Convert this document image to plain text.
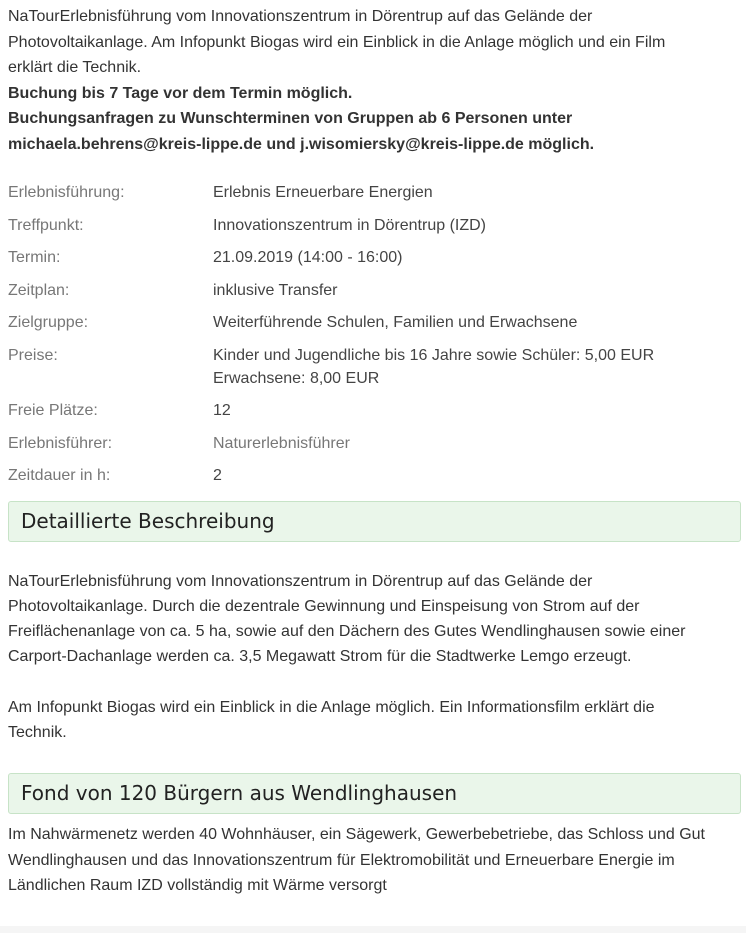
NaTourErlebnisführung vom Innovationszentrum in Dörentrup auf das Gelände der

Photovoltaikanlage. Am Infopunkt Biogas wird ein Einblick in die Anlage möglich und ein Film

erklärt die Technik.

Buchung bis 7 Tage vor dem Termin möglich.

Buchungsanfragen zu Wunschterminen von Gruppen ab 6 Personen unter

michaela.behrens@kreis-lippe.de und j.wisomiersky@kreis-lippe.de möglich.

Erlebnisführung:	Erlebnis Erneuerbare Energien
Treffpunkt:	Innovationszentrum in Dörentrup (IZD)
Termin:	21.09.2019 (14:00 - 16:00)
Zeitplan:	inklusive Transfer
Zielgruppe:	Weiterführende Schulen, Familien und Erwachsene
Preise:	Kinder und Jugendliche bis 16 Jahre sowie Schüler: 5,00 EUR
Erwachsene: 8,00 EUR

Freie Plätze:	12
Erlebnisführer:	Naturerlebnisführer
Zeitdauer in h:	2
Detaillierte Beschreibung

NaTourErlebnisführung vom Innovationszentrum in Dörentrup auf das Gelände der

Photovoltaikanlage. Durch die dezentrale Gewinnung und Einspeisung von Strom auf der

Freiflächenanlage von ca. 5 ha, sowie auf den Dächern des Gutes Wendlinghausen sowie einer

Carport-Dachanlage werden ca. 3,5 Megawatt Strom für die Stadtwerke Lemgo erzeugt.

Am Infopunkt Biogas wird ein Einblick in die Anlage möglich. Ein Informationsfilm erklärt die

Technik.

Fond von 120 Bürgern aus Wendlinghausen

Im Nahwärmenetz werden 40 Wohnhäuser, ein Sägewerk, Gewerbebetriebe, das Schloss und Gut

Wendlinghausen und das Innovationszentrum für Elektromobilität und Erneuerbare Energie im

Ländlichen Raum IZD vollständig mit Wärme versorgt
